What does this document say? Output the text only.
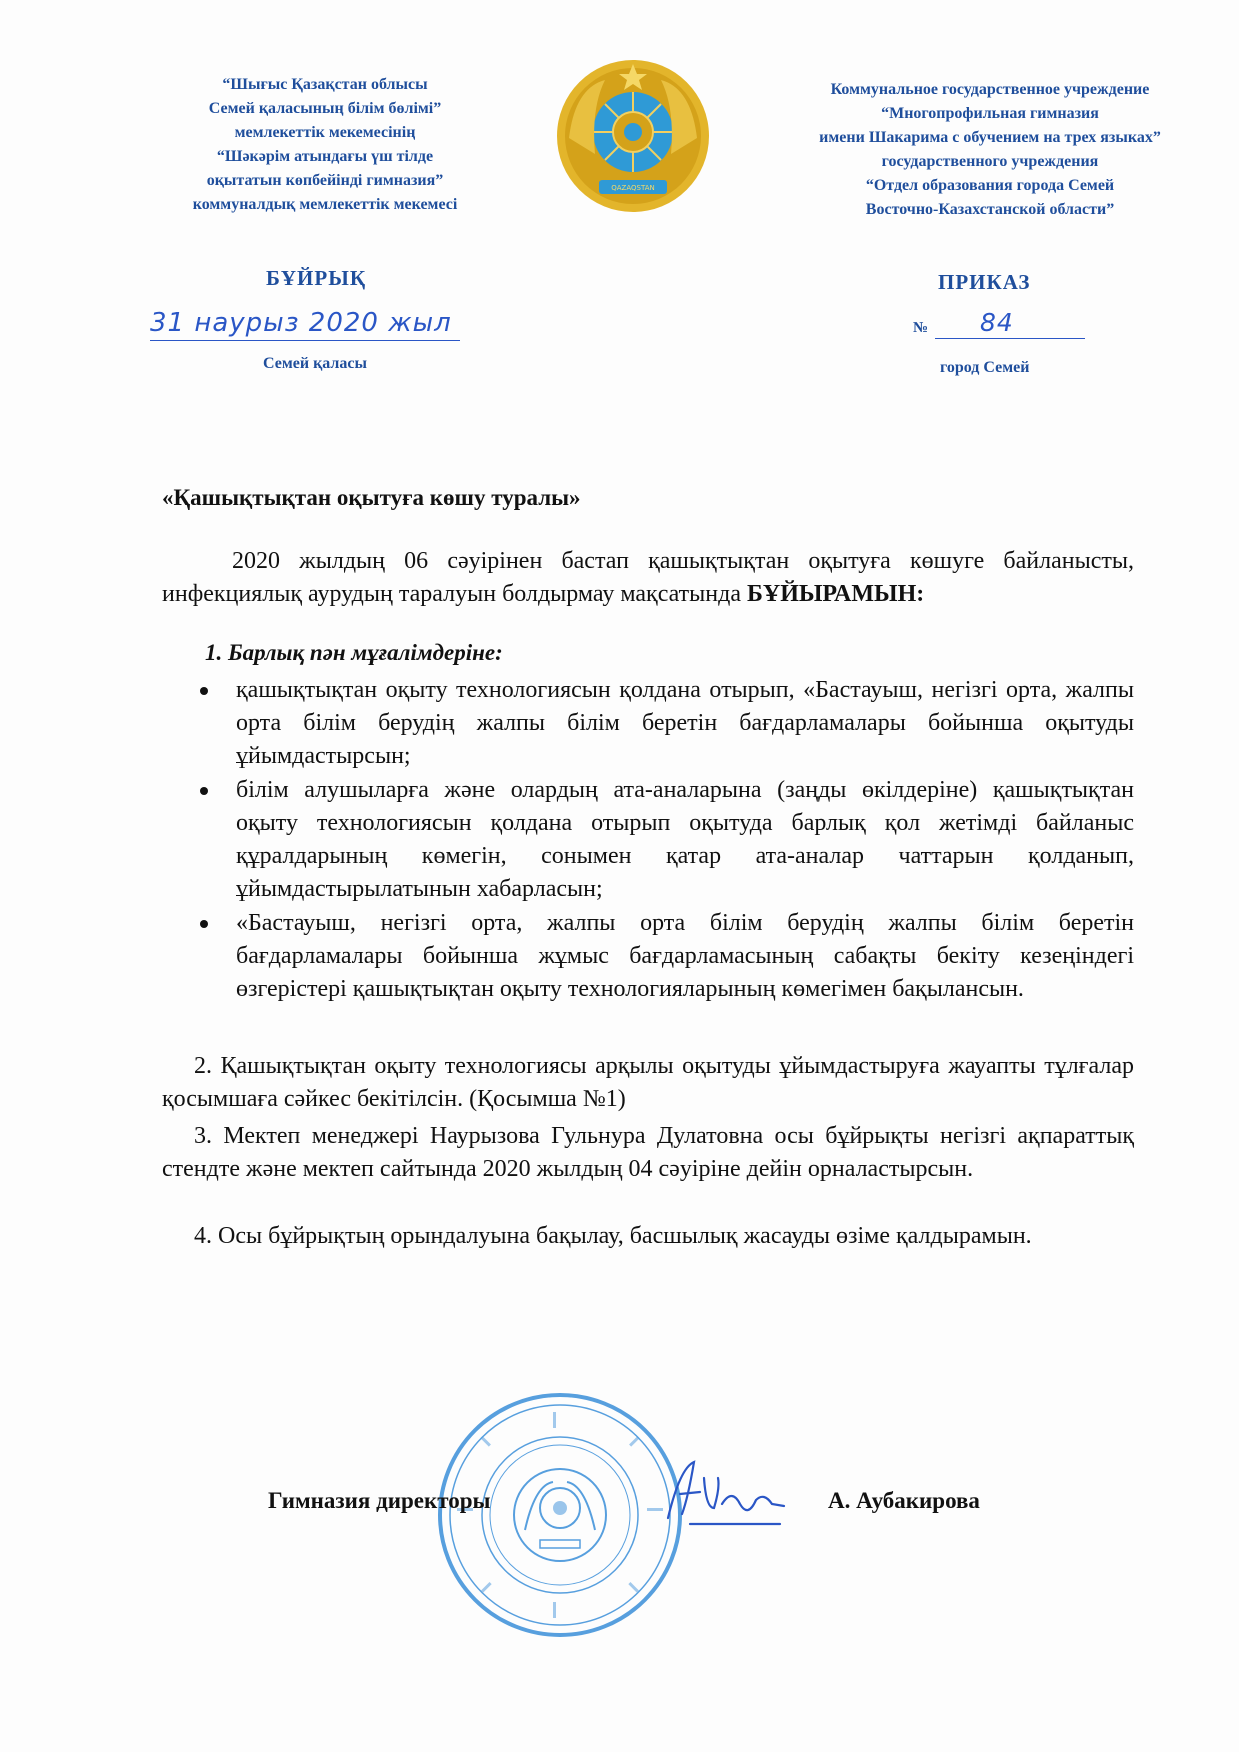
“Шығыс Қазақстан облысы
Семей қаласының білім бөлімі”
мемлекеттік мекемесінің
“Шәкәрім атындағы үш тілде
оқытатын көпбейінді гимназия”
коммуналдық мемлекеттік мекемесі
QAZAQSTAN
Коммунальное государственное учреждение
“Многопрофильная гимназия
имени Шакарима с обучением на трех языках”
государственного учреждения
“Отдел образования города Семей
Восточно-Казахстанской области”
БҰЙРЫҚ	ПРИКАЗ
31 наурыз 2020 жыл	№ 84
Семей қаласы	город Семей
«Қашықтықтан оқытуға көшу туралы»
2020 жылдың 06 сәуірінен бастап қашықтықтан оқытуға көшуге байланысты, инфекциялық аурудың таралуын болдырмау мақсатында БҰЙЫРАМЫН:
1. Барлық пән мұғалімдеріне:
қашықтықтан оқыту технологиясын қолдана отырып, «Бастауыш, негізгі орта, жалпы орта білім берудің жалпы білім беретін бағдарламалары бойынша оқытуды ұйымдастырсын;
білім алушыларға және олардың ата-аналарына (заңды өкілдеріне) қашықтықтан оқыту технологиясын қолдана отырып оқытуда барлық қол жетімді байланыс құралдарының көмегін, сонымен қатар ата-аналар чаттарын қолданып, ұйымдастырылатынын хабарласын;
«Бастауыш, негізгі орта, жалпы орта білім берудің жалпы білім беретін бағдарламалары бойынша жұмыс бағдарламасының сабақты бекіту кезеңіндегі өзгерістері қашықтықтан оқыту технологияларының көмегімен бақылансын.
2. Қашықтықтан оқыту технологиясы арқылы оқытуды ұйымдастыруға жауапты тұлғалар қосымшаға сәйкес бекітілсін. (Қосымша №1)
3. Мектеп менеджері Наурызова Гульнура Дулатовна осы бұйрықты негізгі ақпараттық стендте және мектеп сайтында 2020 жылдың 04 сәуіріне дейін орналастырсын.
4. Осы бұйрықтың орындалуына бақылау, басшылық жасауды өзіме қалдырамын.
Гимназия директоры	А. Аубакирова
